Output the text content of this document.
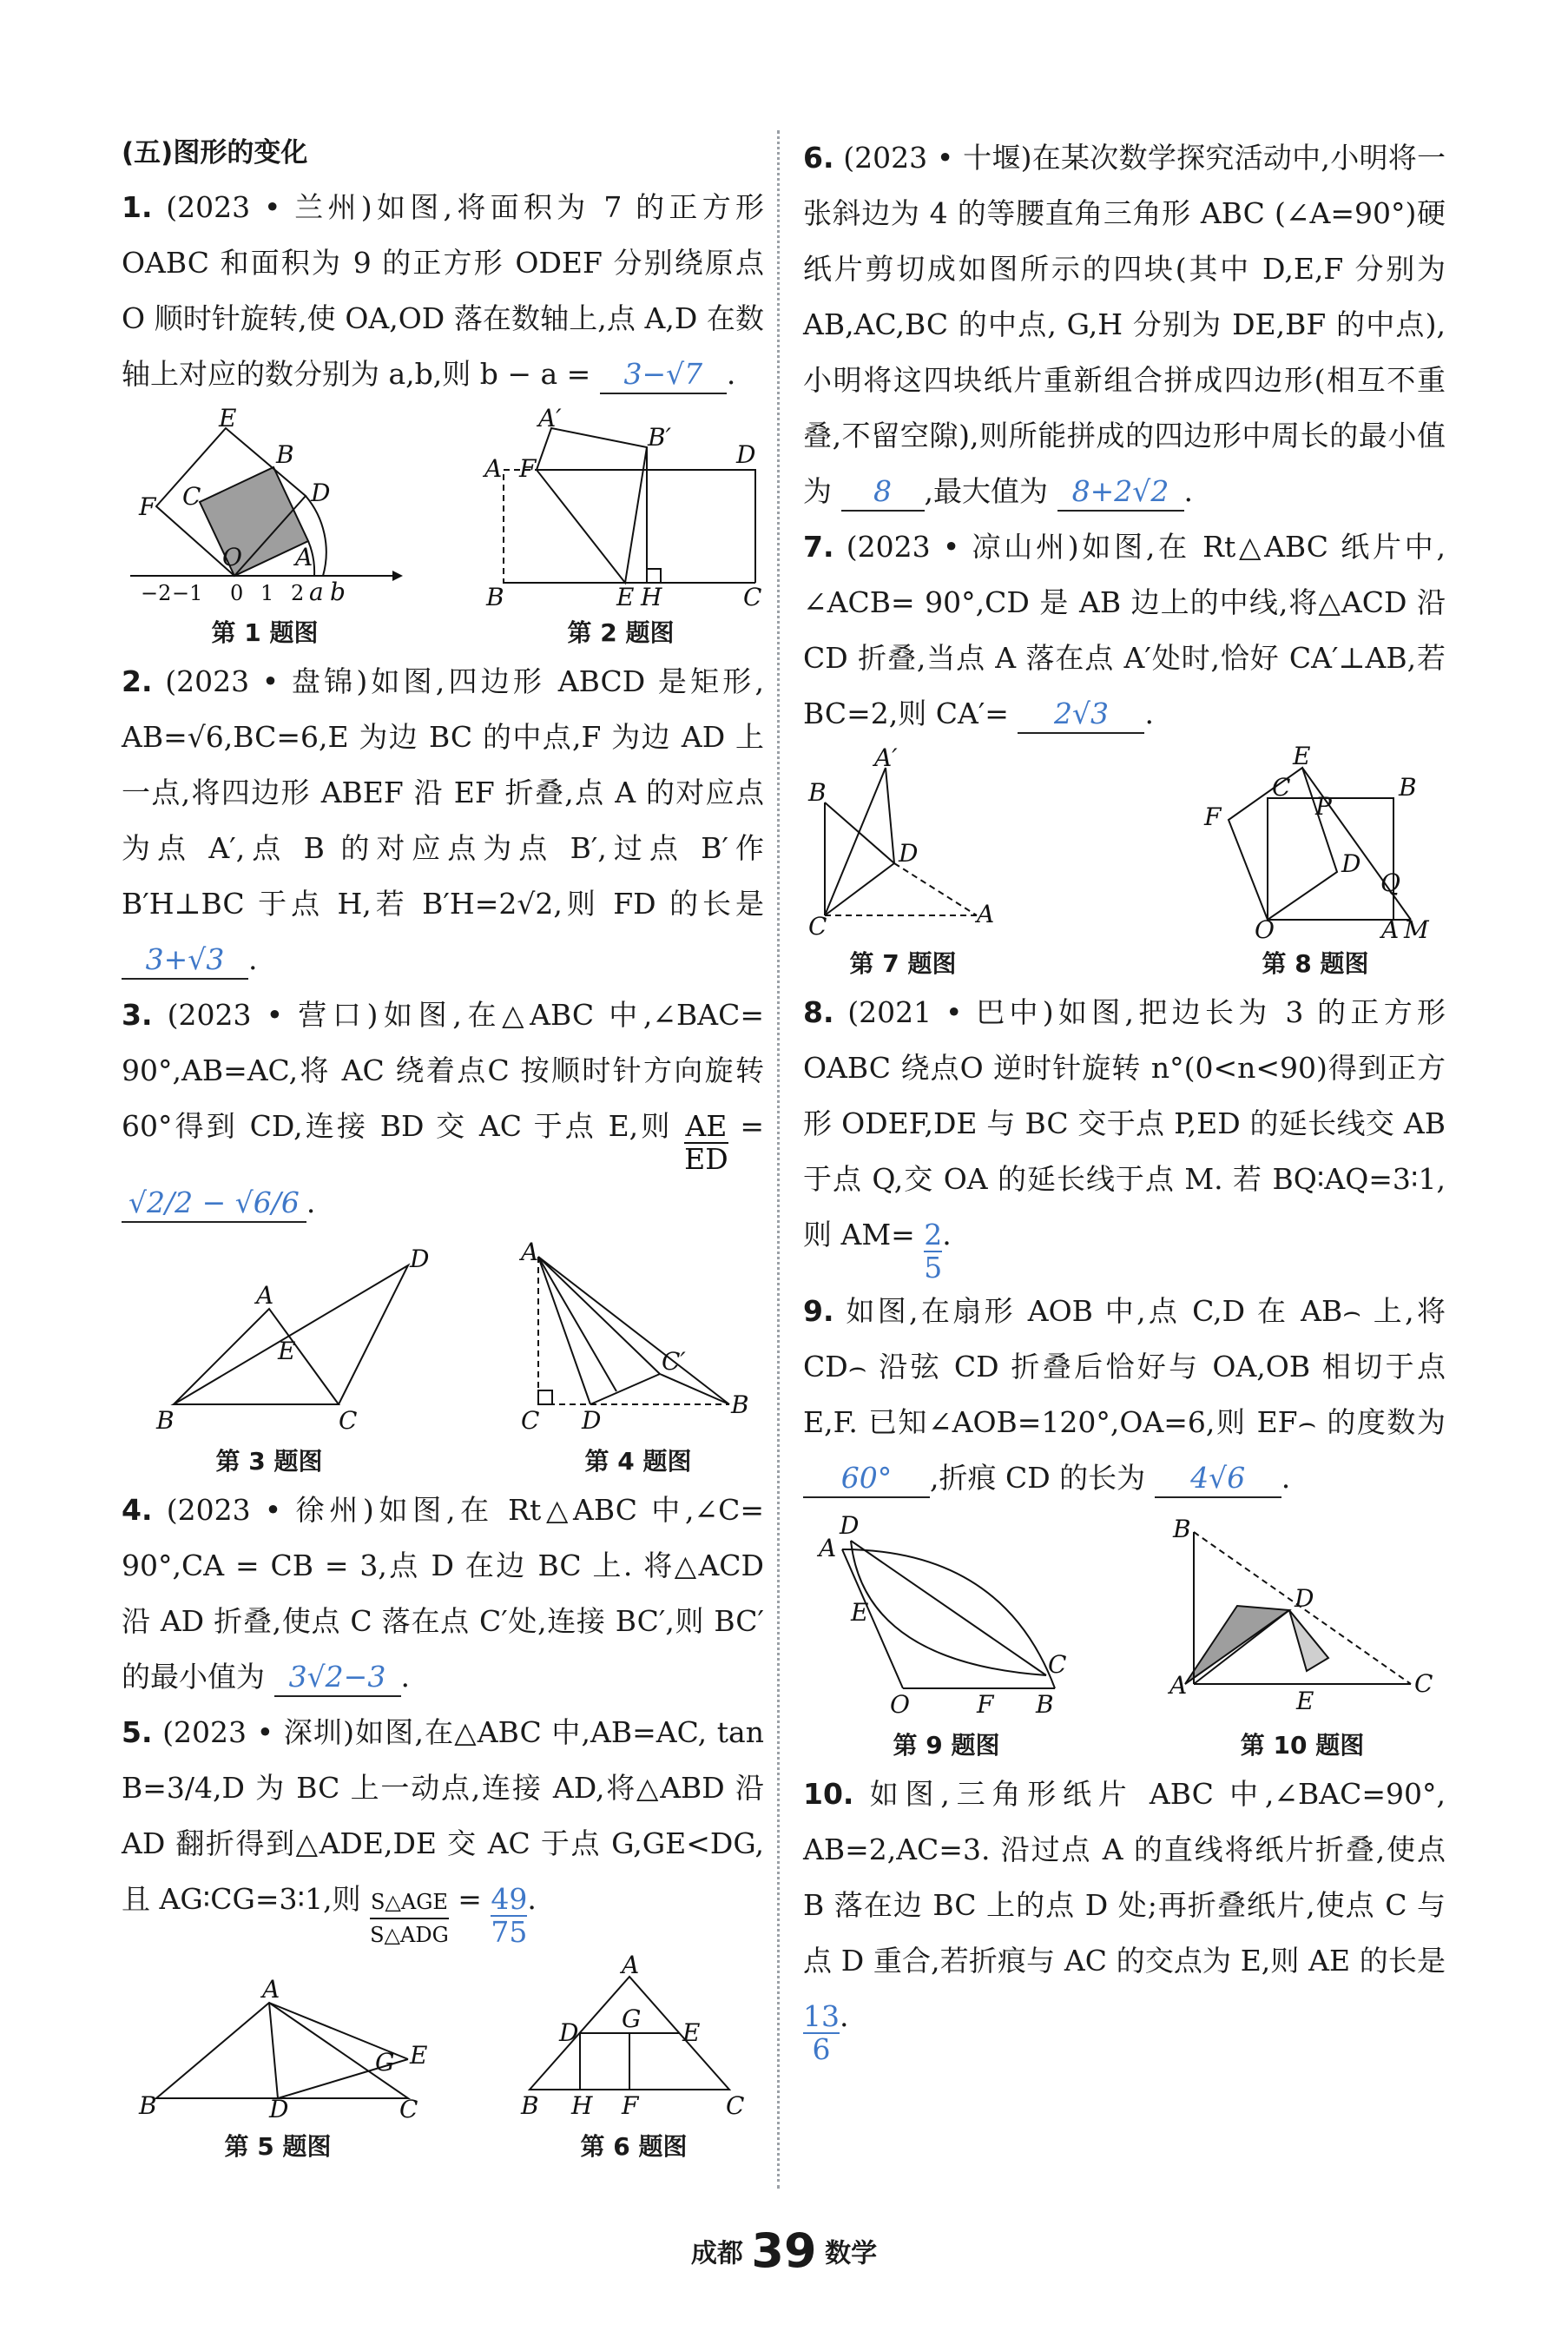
(五)图形的变化

1. (2023 • 兰州)如图,将面积为 7 的正方形 OABC 和面积为 9 的正方形 ODEF 分别绕原点 O 顺时针旋转,使 OA,OD 落在数轴上,点 A,D 在数轴上对应的数分别为 a,b,则 b − a = 3−√7 .

E
B
C
F	D
O A
−2 −1 0 1 2 a b
第 1 题图
A′
B′
A F	D
B	E H	C
第 2 题图

2. (2023 • 盘锦)如图,四边形 ABCD 是矩形, AB=√6,BC=6,E 为边 BC 的中点,F 为边 AD 上一点,将四边形 ABEF 沿 EF 折叠,点 A 的对应点为点 A′,点 B 的对应点为点 B′,过点 B′作 B′H⊥BC 于点 H,若 B′H=2√2,则 FD 的长是 3+√3 .

3. (2023 • 营口)如图,在△ABC 中,∠BAC= 90°,AB=AC,将 AC 绕着点C 按顺时针方向旋转 60°得到 CD,连接 BD 交 AC 于点 E,则 $\frac{AE}{ED} = √2/2 - √6/6$ .

A
D
E
B	C
第 3 题图
A
C′
C D
B
第 4 题图

4. (2023 • 徐州)如图,在 Rt△ABC 中,∠C= 90°,CA = CB = 3,点 D 在边 BC 上. 将△ACD 沿 AD 折叠,使点 C 落在点 C′处,连接 BC′,则 BC′的最小值为 3√2−3 .

5. (2023 • 深圳)如图,在△ABC 中,AB=AC, tan B=3/4,D 为 BC 上一动点,连接 AD,将△ABD 沿 AD 翻折得到△ADE,DE 交 AC 于点 G,GE<DG,且 AG∶CG=3∶1,则 $\frac{\text{S△AGE}}{\text{S△ADG}} = \frac{49}{75}$ .

A
B	D
G E
C
第 5 题图
A
D G E
B H F	C
第 6 题图

6. (2023 • 十堰)在某次数学探究活动中,小明将一张斜边为 4 的等腰直角三角形 ABC (∠A=90°)硬纸片剪切成如图所示的四块(其中 D,E,F 分别为 AB,AC,BC 的中点, G,H 分别为 DE,BF 的中点),小明将这四块纸片重新组合拼成四边形(相互不重叠,不留空隙),则所能拼成的四边形中周长的最小值为 8 ,最大值为 8+2√2 .

7. (2023 • 凉山州)如图,在 Rt△ABC 纸片中, ∠ACB= 90°,CD 是 AB 边上的中线,将△ACD 沿 CD 折叠,当点 A 落在点 A′处时,恰好 CA′⊥AB,若 BC=2,则 CA′= 2√3 .

A′
B
D
C	A
第 7 题图
E
F
C
P
B
D
Q
O	A M
第 8 题图

8. (2021 • 巴中)如图,把边长为 3 的正方形 OABC 绕点O 逆时针旋转 n°(0<n<90)得到正方形 ODEF,DE 与 BC 交于点 P,ED 的延长线交 AB 于点 Q,交 OA 的延长线于点 M. 若 BQ∶AQ=3∶1,则 $AM= \frac{2}{5}$ .

9. 如图,在扇形 AOB 中,点 C,D 在 AB⌢ 上,将 CD⌢ 沿弦 CD 折叠后恰好与 OA,OB 相切于点 E,F. 已知∠AOB=120°,OA=6,则 EF⌢ 的度数为 60° ,折痕 CD 的长为 4√6 .

D
A
E
C
O	F B
第 9 题图
B
D
A
E
C
第 10 题图

10. 如图,三角形纸片 ABC 中,∠BAC=90°, AB=2,AC=3. 沿过点 A 的直线将纸片折叠,使点 B 落在边 BC 上的点 D 处;再折叠纸片,使点 C 与点 D 重合,若折痕与 AC 的交点为 E,则 AE 的长是
$\frac{13}{6}$ .

成都 39 数学
